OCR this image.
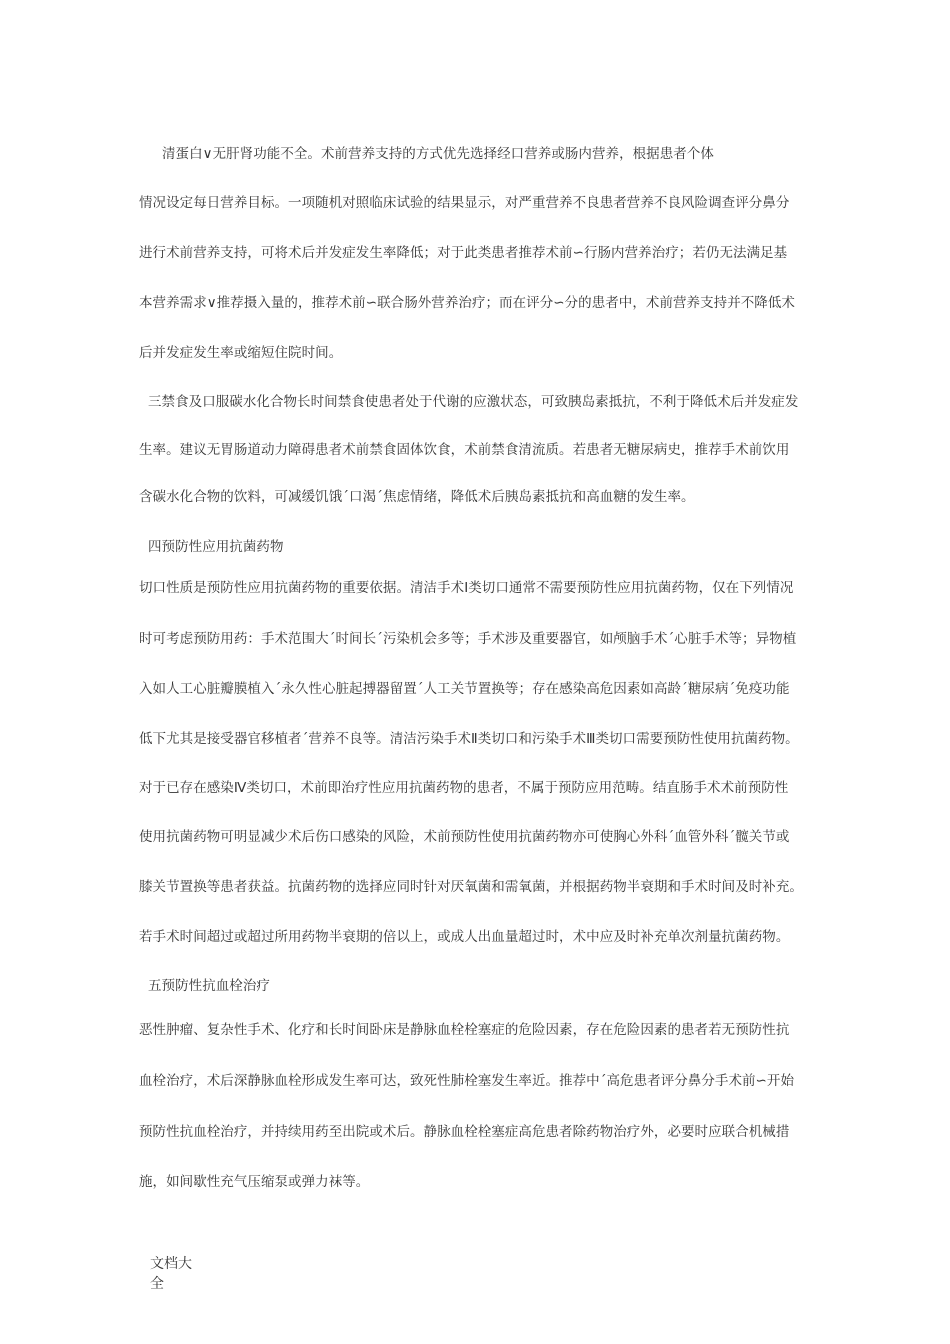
清蛋白∨无肝肾功能不全。术前营养支持的方式优先选择经口营养或肠内营养，根据患者个体

情况设定每日营养目标。一项随机对照临床试验的结果显示，对严重营养不良患者营养不良风险调查评分鼻分

进行术前营养支持，可将术后并发症发生率降低；对于此类患者推荐术前∽行肠内营养治疗；若仍无法满足基

本营养需求∨推荐摄入量的，推荐术前∽联合肠外营养治疗；而在评分∽分的患者中，术前营养支持并不降低术

后并发症发生率或缩短住院时间。

三禁食及口服碳水化合物长时间禁食使患者处于代谢的应激状态，可致胰岛素抵抗，不利于降低术后并发症发

生率。建议无胃肠道动力障碍患者术前禁食固体饮食，术前禁食清流质。若患者无糖尿病史，推荐手术前饮用

含碳水化合物的饮料，可减缓饥饿ˊ口渴ˊ焦虑情绪，降低术后胰岛素抵抗和高血糖的发生率。

四预防性应用抗菌药物

切口性质是预防性应用抗菌药物的重要依据。清洁手术Ⅰ类切口通常不需要预防性应用抗菌药物，仅在下列情况

时可考虑预防用药：手术范围大ˊ时间长ˊ污染机会多等；手术涉及重要器官，如颅脑手术ˊ心脏手术等；异物植

入如人工心脏瓣膜植入ˊ永久性心脏起搏器留置ˊ人工关节置换等；存在感染高危因素如高龄ˊ糖尿病ˊ免疫功能

低下尤其是接受器官移植者ˊ营养不良等。清洁污染手术Ⅱ类切口和污染手术Ⅲ类切口需要预防性使用抗菌药物。

对于已存在感染Ⅳ类切口，术前即治疗性应用抗菌药物的患者，不属于预防应用范畴。结直肠手术术前预防性

使用抗菌药物可明显减少术后伤口感染的风险，术前预防性使用抗菌药物亦可使胸心外科ˊ血管外科ˊ髋关节或

膝关节置换等患者获益。抗菌药物的选择应同时针对厌氧菌和需氧菌，并根据药物半衰期和手术时间及时补充。

若手术时间超过或超过所用药物半衰期的倍以上，或成人出血量超过时，术中应及时补充单次剂量抗菌药物。

五预防性抗血栓治疗

恶性肿瘤、复杂性手术、化疗和长时间卧床是静脉血栓栓塞症的危险因素，存在危险因素的患者若无预防性抗

血栓治疗，术后深静脉血栓形成发生率可达，致死性肺栓塞发生率近。推荐中ˊ高危患者评分鼻分手术前∽开始

预防性抗血栓治疗，并持续用药至出院或术后。静脉血栓栓塞症高危患者除药物治疗外，必要时应联合机械措

施，如间歇性充气压缩泵或弹力袜等。

文档大
全
